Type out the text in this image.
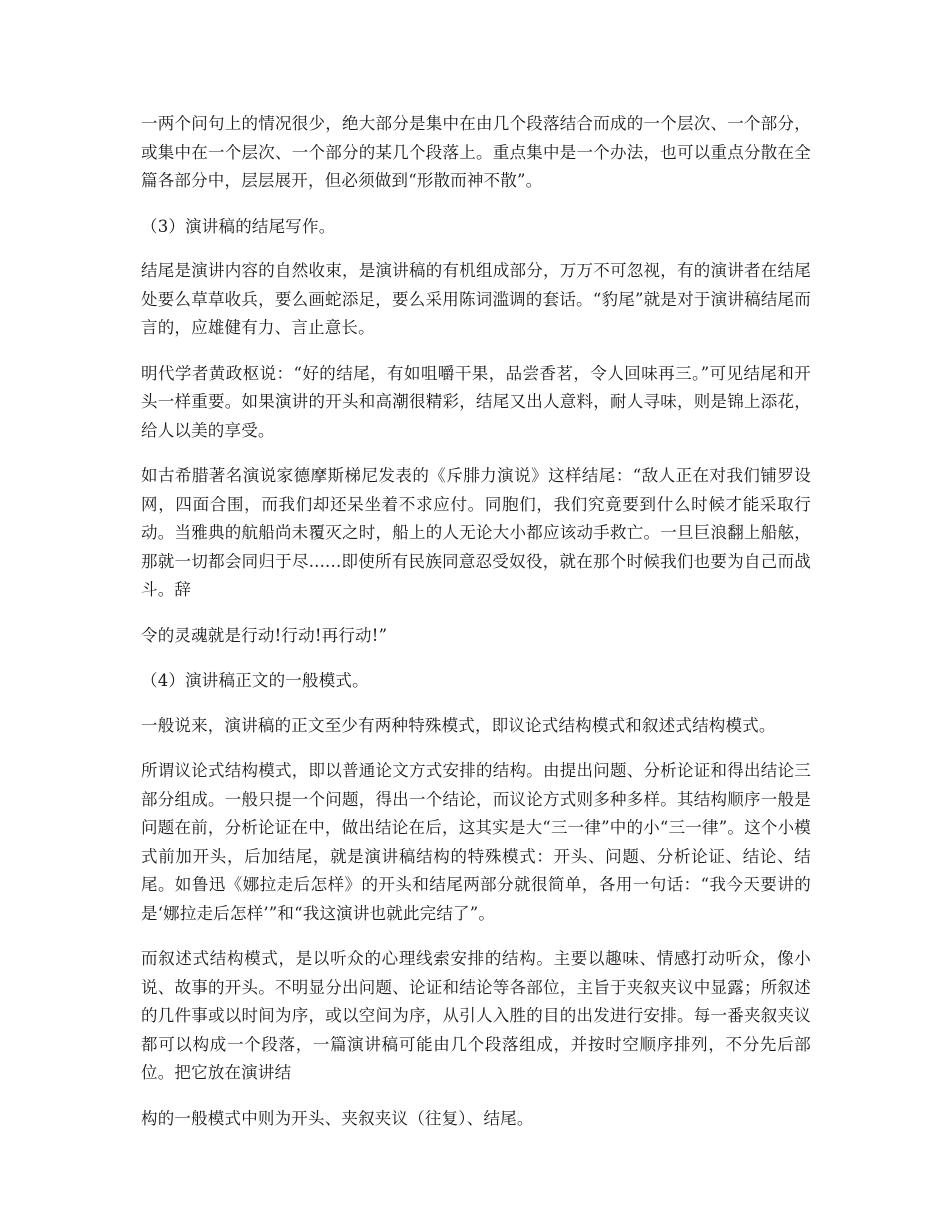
一两个问句上的情况很少，绝大部分是集中在由几个段落结合而成的一个层次、一个部分，或集中在一个层次、一个部分的某几个段落上。重点集中是一个办法，也可以重点分散在全篇各部分中，层层展开，但必须做到“形散而神不散”。

（3）演讲稿的结尾写作。

结尾是演讲内容的自然收束，是演讲稿的有机组成部分，万万不可忽视，有的演讲者在结尾处要么草草收兵，要么画蛇添足，要么采用陈词滥调的套话。“豹尾”就是对于演讲稿结尾而言的，应雄健有力、言止意长。

明代学者黄政枢说：“好的结尾，有如咀嚼干果，品尝香茗，令人回味再三。”可见结尾和开头一样重要。如果演讲的开头和高潮很精彩，结尾又出人意料，耐人寻味，则是锦上添花，给人以美的享受。

如古希腊著名演说家德摩斯梯尼发表的《斥腓力演说》这样结尾：“敌人正在对我们铺罗设网，四面合围，而我们却还呆坐着不求应付。同胞们，我们究竟要到什么时候才能采取行动。当雅典的航船尚未覆灭之时，船上的人无论大小都应该动手救亡。一旦巨浪翻上船舷，那就一切都会同归于尽......即使所有民族同意忍受奴役，就在那个时候我们也要为自己而战斗。辞

令的灵魂就是行动!行动!再行动!”

（4）演讲稿正文的一般模式。

一般说来，演讲稿的正文至少有两种特殊模式，即议论式结构模式和叙述式结构模式。

所谓议论式结构模式，即以普通论文方式安排的结构。由提出问题、分析论证和得出结论三部分组成。一般只提一个问题，得出一个结论，而议论方式则多种多样。其结构顺序一般是问题在前，分析论证在中，做出结论在后，这其实是大“三一律”中的小“三一律”。这个小模式前加开头，后加结尾，就是演讲稿结构的特殊模式：开头、问题、分析论证、结论、结尾。如鲁迅《娜拉走后怎样》的开头和结尾两部分就很简单，各用一句话：“我今天要讲的是‘娜拉走后怎样’”和“我这演讲也就此完结了”。

而叙述式结构模式，是以听众的心理线索安排的结构。主要以趣味、情感打动听众，像小说、故事的开头。不明显分出问题、论证和结论等各部位，主旨于夹叙夹议中显露；所叙述的几件事或以时间为序，或以空间为序，从引人入胜的目的出发进行安排。每一番夹叙夹议都可以构成一个段落，一篇演讲稿可能由几个段落组成，并按时空顺序排列，不分先后部位。把它放在演讲结

构的一般模式中则为开头、夹叙夹议（往复）、结尾。
